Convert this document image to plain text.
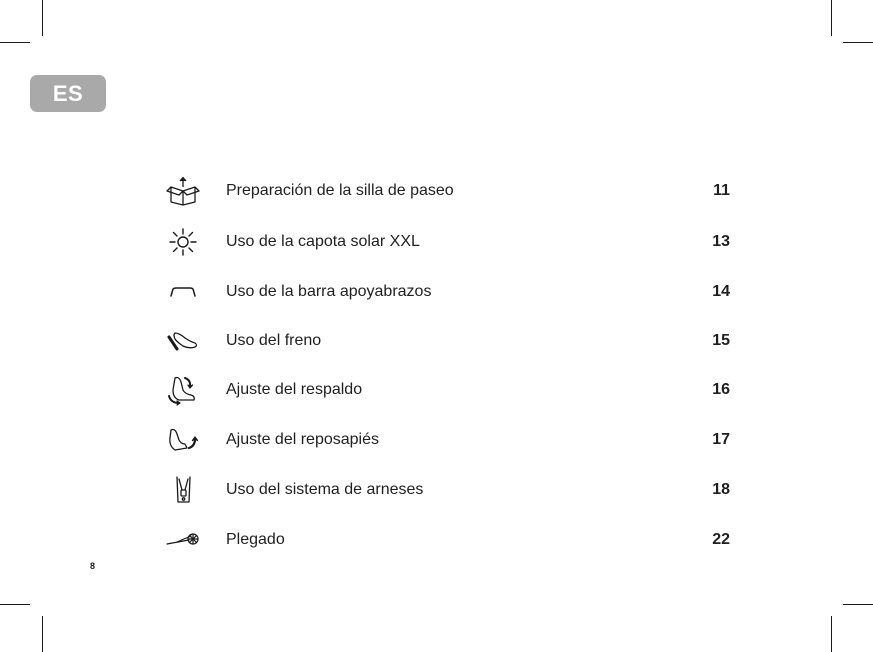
ES
Preparación de la silla de paseo	11
Uso de la capota solar XXL	13
Uso de la barra apoyabrazos	14
Uso del freno	15
Ajuste del respaldo	16
Ajuste del reposapiés	17
Uso del sistema de arneses	18
Plegado	22
8
